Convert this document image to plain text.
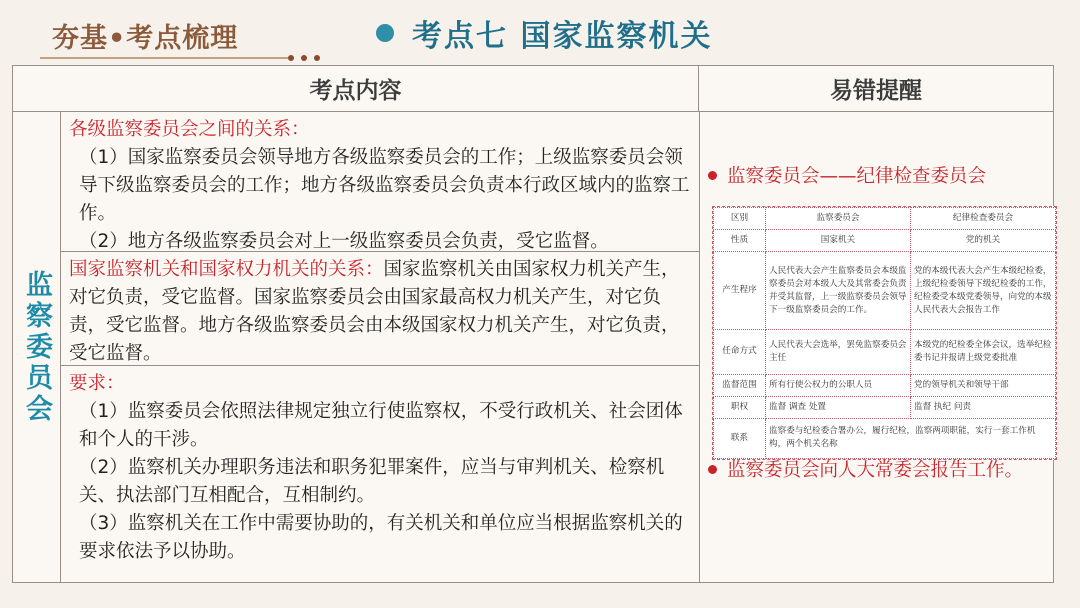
夯基•考点梳理	考点七 国家监察机关
考点内容	易错提醒
监察委员会
各级监察委员会之间的关系：
（1）国家监察委员会领导地方各级监察委员会的工作；上级监察委员会领导下级监察委员会的工作；地方各级监察委员会负责本行政区域内的监察工作。
（2）地方各级监察委员会对上一级监察委员会负责，受它监督。
国家监察机关和国家权力机关的关系：国家监察机关由国家权力机关产生，对它负责，受它监督。国家监察委员会由国家最高权力机关产生，对它负责，受它监督。地方各级监察委员会由本级国家权力机关产生，对它负责，受它监督。
要求：
（1）监察委员会依照法律规定独立行使监察权，不受行政机关、社会团体和个人的干涉。
（2）监察机关办理职务违法和职务犯罪案件，应当与审判机关、检察机关、执法部门互相配合，互相制约。
（3）监察机关在工作中需要协助的，有关机关和单位应当根据监察机关的要求依法予以协助。
监察委员会——纪律检查委员会
区别	监察委员会	纪律检查委员会
性质	国家机关	党的机关
产生程序	人民代表大会产生监察委员会本级监察委员会对本级人大及其常委会负责并受其监督，上一级监察委员会领导下一级监察委员会的工作。	党的本级代表大会产生本级纪检委，上级纪检委领导下级纪检委的工作，纪检委受本级党委领导，向党的本级人民代表大会报告工作
任命方式	人民代表大会选举，罢免监察委员会主任	本级党的纪检委全体会议，选举纪检委书记并报请上级党委批准
监督范围	所有行使公权力的公职人员	党的领导机关和领导干部
职权	监督 调查 处置	监督 执纪 问责
联系	监察委与纪检委合署办公，履行纪检，监察两项职能，实行一套工作机构，两个机关名称	
监察委员会向人大常委会报告工作。
